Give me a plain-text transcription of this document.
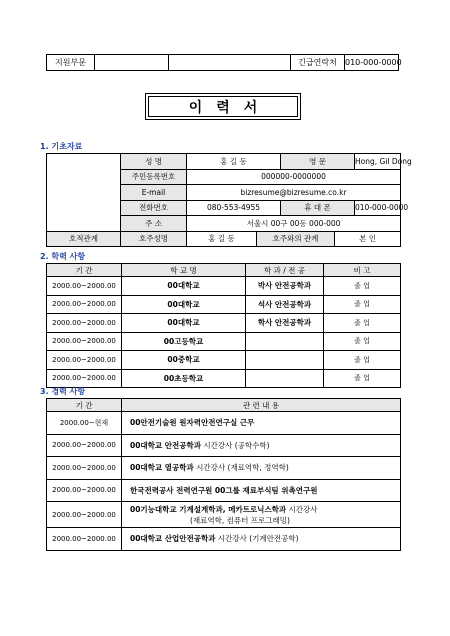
지원부문			긴급연락처	010-000-0000
이력서
1. 기초자료
	성 명	홍 길 동		영 문		Hong, Gil Dong
	주민등록번호	000000-0000000				
	E-mail	bizresume@bizresume.co.kr				
	전화번호	080-553-4955		휴 대 폰		010-000-0000
	주 소	서울시 00구 00동 000-000				
호적관계	호주성명	홍 길 동	호주와의 관계		본 인	
2. 학력 사항
기 간	학 교 명	학 과 / 전 공	비 고
2000.00~2000.00	00대학교	박사 안전공학과	졸 업
2000.00~2000.00	00대학교	석사 안전공학과	졸 업
2000.00~2000.00	00대학교	학사 안전공학과	졸 업
2000.00~2000.00	00고등학교		졸 업
2000.00~2000.00	00중학교		졸 업
2000.00~2000.00	00초등학교		졸 업
3. 경력 사항
기 간	관 련 내 용
2000.00~현재	00안전기술원 원자력안전연구실 근무
2000.00~2000.00	00대학교 안전공학과 시간강사 (공학수학)
2000.00~2000.00	00대학교 열공학과 시간강사 (재료역학, 정역학)
2000.00~2000.00	한국전력공사 전력연구원 00그룹 재료부식팀 위촉연구원
2000.00~2000.00	00기능대학교 기계설계학과, 메카트로닉스학과 시간강사
(재료역학, 컴퓨터 프로그래밍)

2000.00~2000.00	00대학교 산업안전공학과 시간강사 (기계안전공학)
